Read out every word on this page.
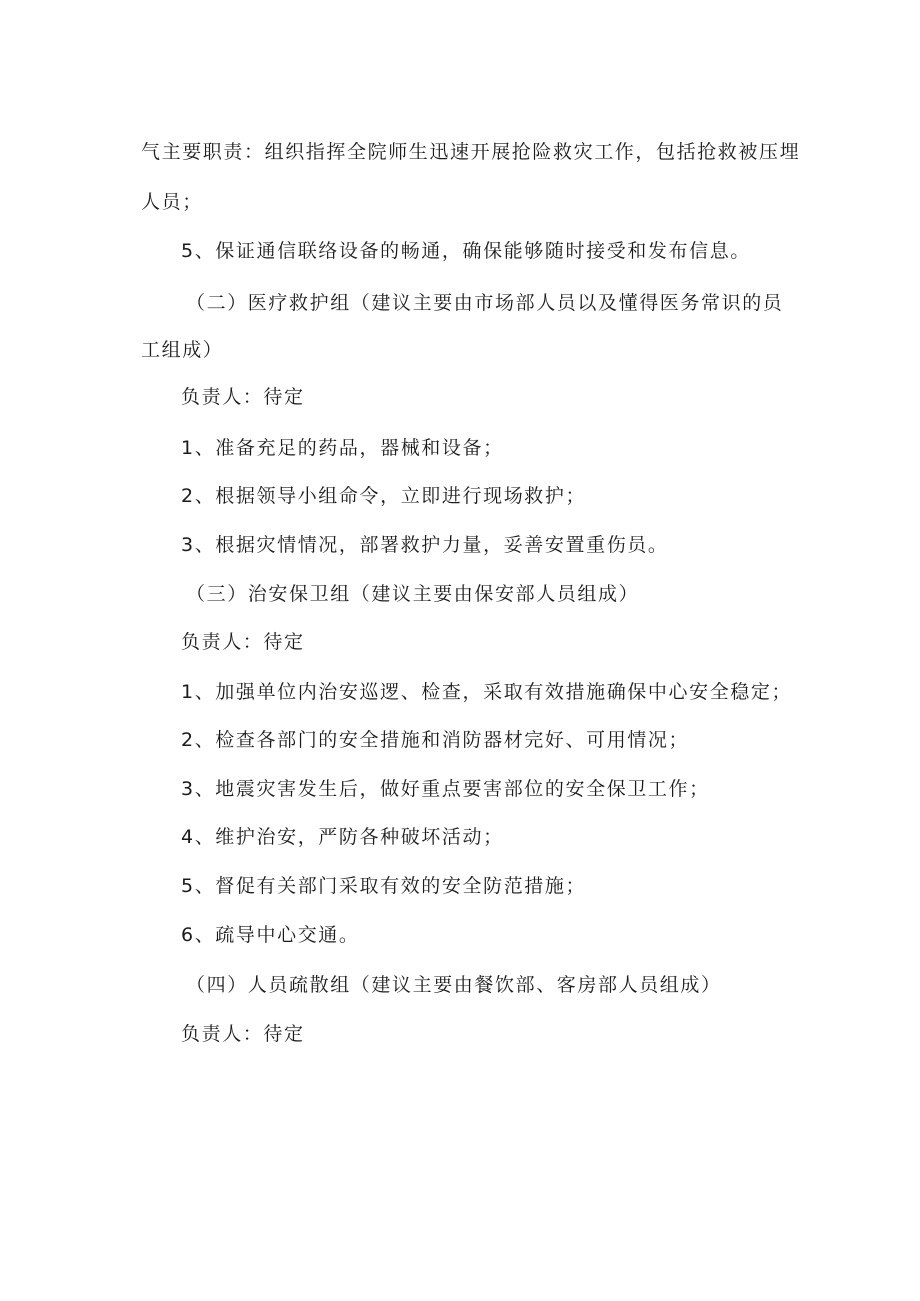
气主要职责：组织指挥全院师生迅速开展抢险救灾工作，包括抢救被压埋
人员；
5、保证通信联络设备的畅通，确保能够随时接受和发布信息。
（二）医疗救护组（建议主要由市场部人员以及懂得医务常识的员
工组成）
负责人：待定
1、准备充足的药品，器械和设备；
2、根据领导小组命令，立即进行现场救护；
3、根据灾情情况，部署救护力量，妥善安置重伤员。
（三）治安保卫组（建议主要由保安部人员组成）
负责人：待定
1、加强单位内治安巡逻、检查，采取有效措施确保中心安全稳定；
2、检查各部门的安全措施和消防器材完好、可用情况；
3、地震灾害发生后，做好重点要害部位的安全保卫工作；
4、维护治安，严防各种破坏活动；
5、督促有关部门采取有效的安全防范措施；
6、疏导中心交通。
（四）人员疏散组（建议主要由餐饮部、客房部人员组成）
负责人：待定
